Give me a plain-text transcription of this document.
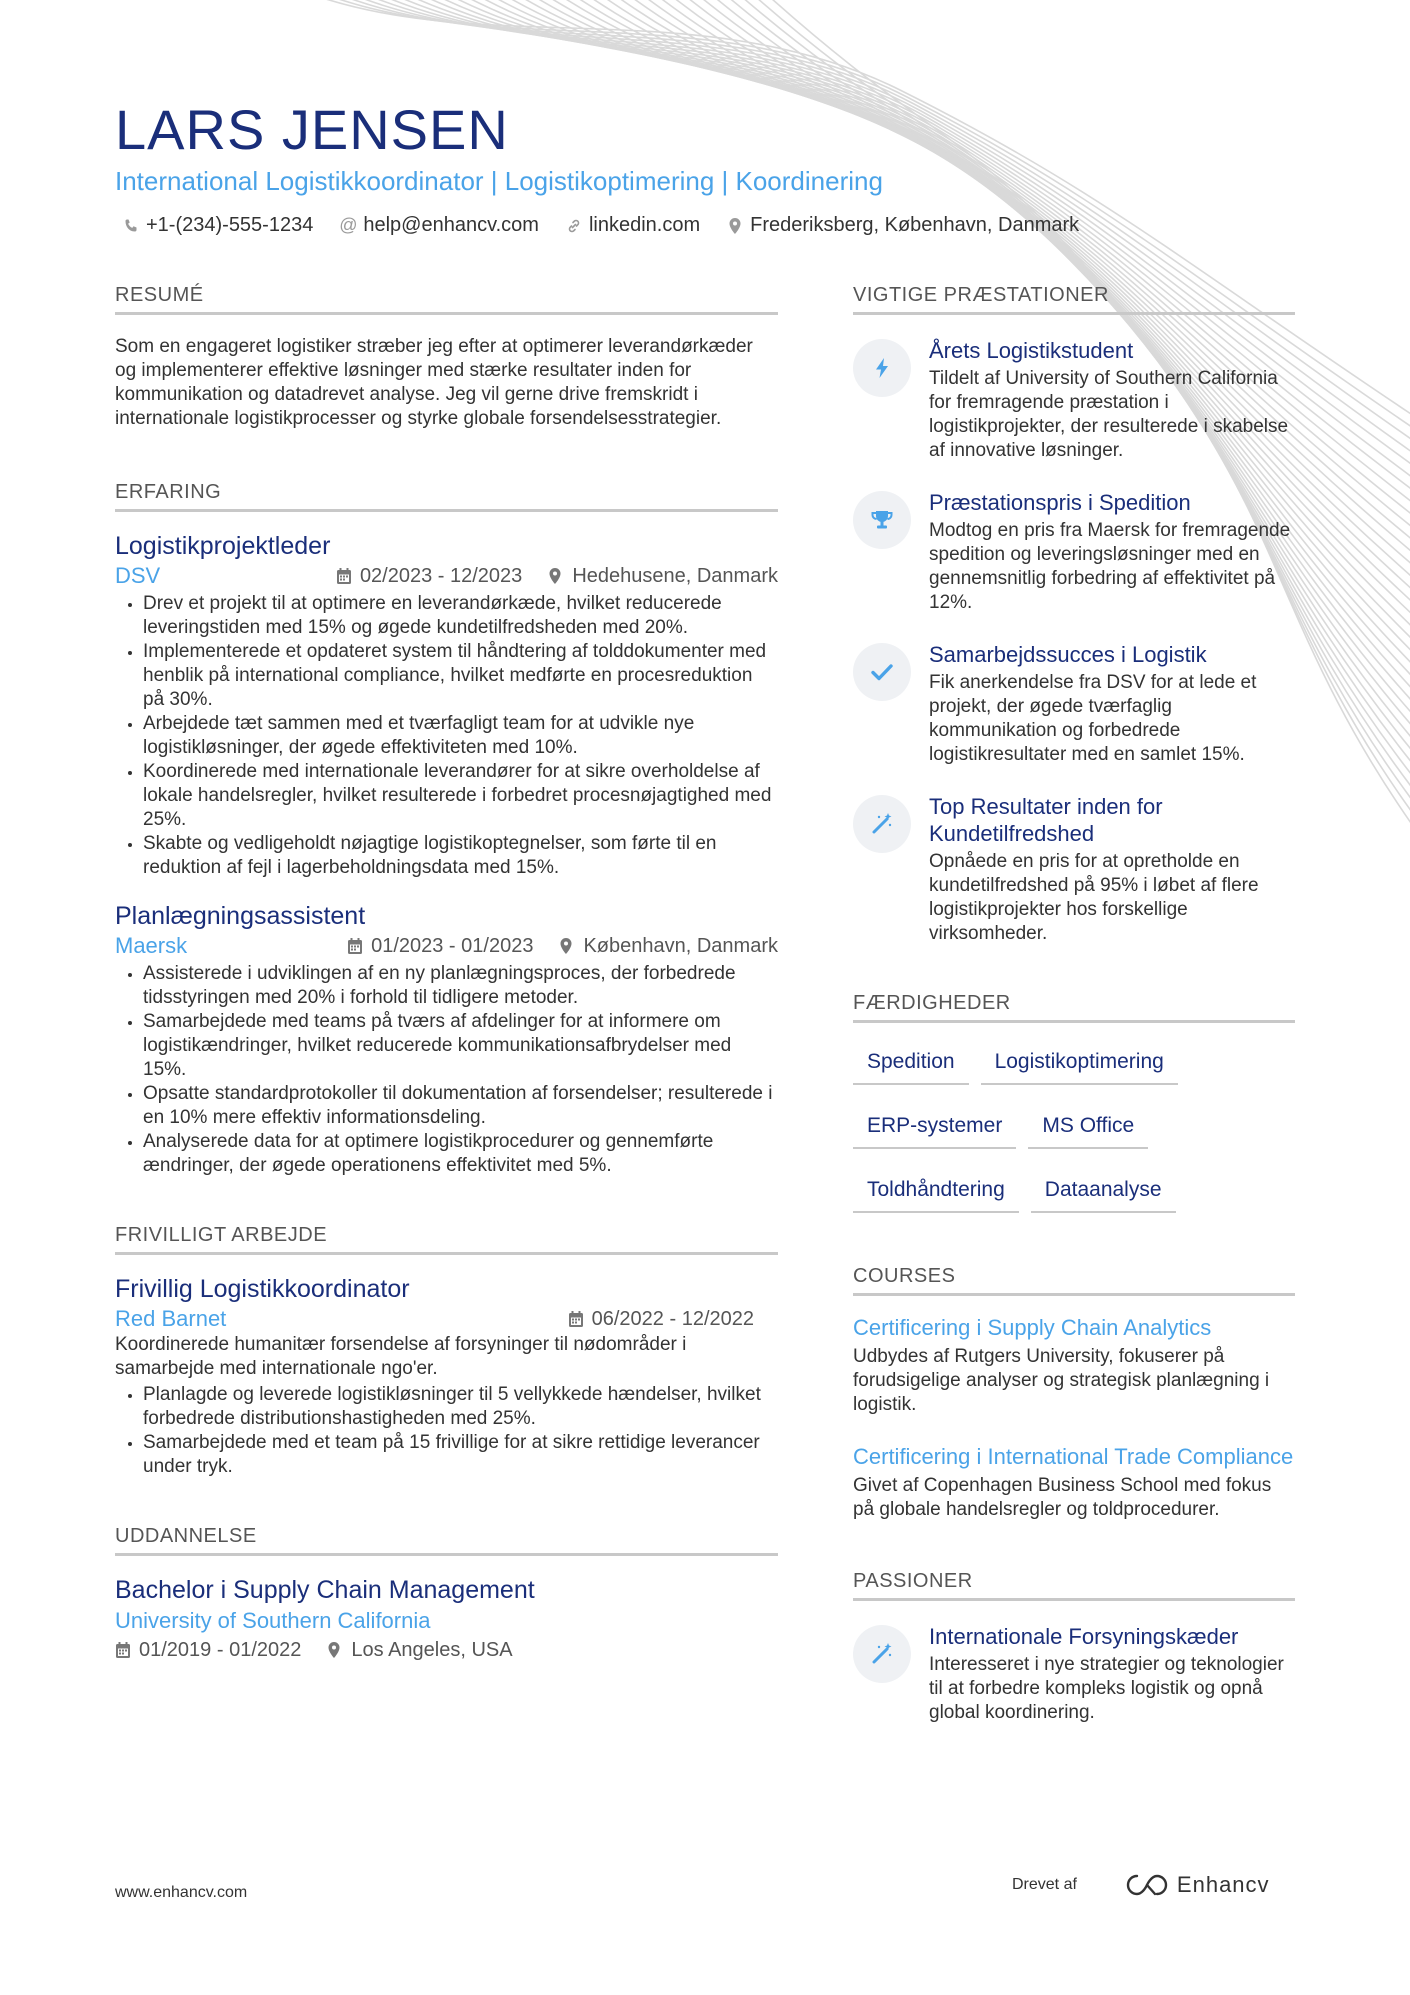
LARS JENSEN
International Logistikkoordinator | Logistikoptimering | Koordinering
+1-(234)-555-1234 @ help@enhancv.com	linkedin.com	Frederiksberg, København, Danmark
RESUMÉ
Som en engageret logistiker stræber jeg efter at optimerer leverandørkæder og implementerer effektive løsninger med stærke resultater inden for kommunikation og datadrevet analyse. Jeg vil gerne drive fremskridt i internationale logistikprocesser og styrke globale forsendelsesstrategier.
ERFARING
Logistikprojektleder
DSV	02/2023 - 12/2023	Hedehusene, Danmark
• Drev et projekt til at optimere en leverandørkæde, hvilket reducerede leveringstiden med 15% og øgede kundetilfredsheden med 20%.
• Implementerede et opdateret system til håndtering af tolddokumenter med henblik på international compliance, hvilket medførte en procesreduktion på 30%.
• Arbejdede tæt sammen med et tværfagligt team for at udvikle nye logistikløsninger, der øgede effektiviteten med 10%.
• Koordinerede med internationale leverandører for at sikre overholdelse af lokale handelsregler, hvilket resulterede i forbedret procesnøjagtighed med 25%.
• Skabte og vedligeholdt nøjagtige logistikoptegnelser, som førte til en reduktion af fejl i lagerbeholdningsdata med 15%.
Planlægningsassistent
Maersk	01/2023 - 01/2023	København, Danmark
• Assisterede i udviklingen af en ny planlægningsproces, der forbedrede tidsstyringen med 20% i forhold til tidligere metoder.
• Samarbejdede med teams på tværs af afdelinger for at informere om logistikændringer, hvilket reducerede kommunikationsafbrydelser med 15%.
• Opsatte standardprotokoller til dokumentation af forsendelser; resulterede i en 10% mere effektiv informationsdeling.
• Analyserede data for at optimere logistikprocedurer og gennemførte ændringer, der øgede operationens effektivitet med 5%.
FRIVILLIGT ARBEJDE
Frivillig Logistikkoordinator
Red Barnet	06/2022 - 12/2022
Koordinerede humanitær forsendelse af forsyninger til nødområder i samarbejde med internationale ngo'er.
• Planlagde og leverede logistikløsninger til 5 vellykkede hændelser, hvilket forbedrede distributionshastigheden med 25%.
• Samarbejdede med et team på 15 frivillige for at sikre rettidige leverancer under tryk.
UDDANNELSE
Bachelor i Supply Chain Management
University of Southern California
01/2019 - 01/2022	Los Angeles, USA
VIGTIGE PRÆSTATIONER
Årets Logistikstudent
Tildelt af University of Southern California for fremragende præstation i logistikprojekter, der resulterede i skabelse af innovative løsninger.
Præstationspris i Spedition
Modtog en pris fra Maersk for fremragende spedition og leveringsløsninger med en gennemsnitlig forbedring af effektivitet på 12%.
Samarbejdssucces i Logistik
Fik anerkendelse fra DSV for at lede et projekt, der øgede tværfaglig kommunikation og forbedrede logistikresultater med en samlet 15%.
Top Resultater inden for Kundetilfredshed
Opnåede en pris for at opretholde en kundetilfredshed på 95% i løbet af flere logistikprojekter hos forskellige virksomheder.
FÆRDIGHEDER
Spedition	Logistikoptimering
ERP-systemer	MS Office
Toldhåndtering	Dataanalyse
COURSES
Certificering i Supply Chain Analytics
Udbydes af Rutgers University, fokuserer på forudsigelige analyser og strategisk planlægning i logistik.
Certificering i International Trade Compliance
Givet af Copenhagen Business School med fokus på globale handelsregler og toldprocedurer.
PASSIONER
Internationale Forsyningskæder
Interesseret i nye strategier og teknologier til at forbedre kompleks logistik og opnå global koordinering.
www.enhancv.com	Drevet af	Enhancv
